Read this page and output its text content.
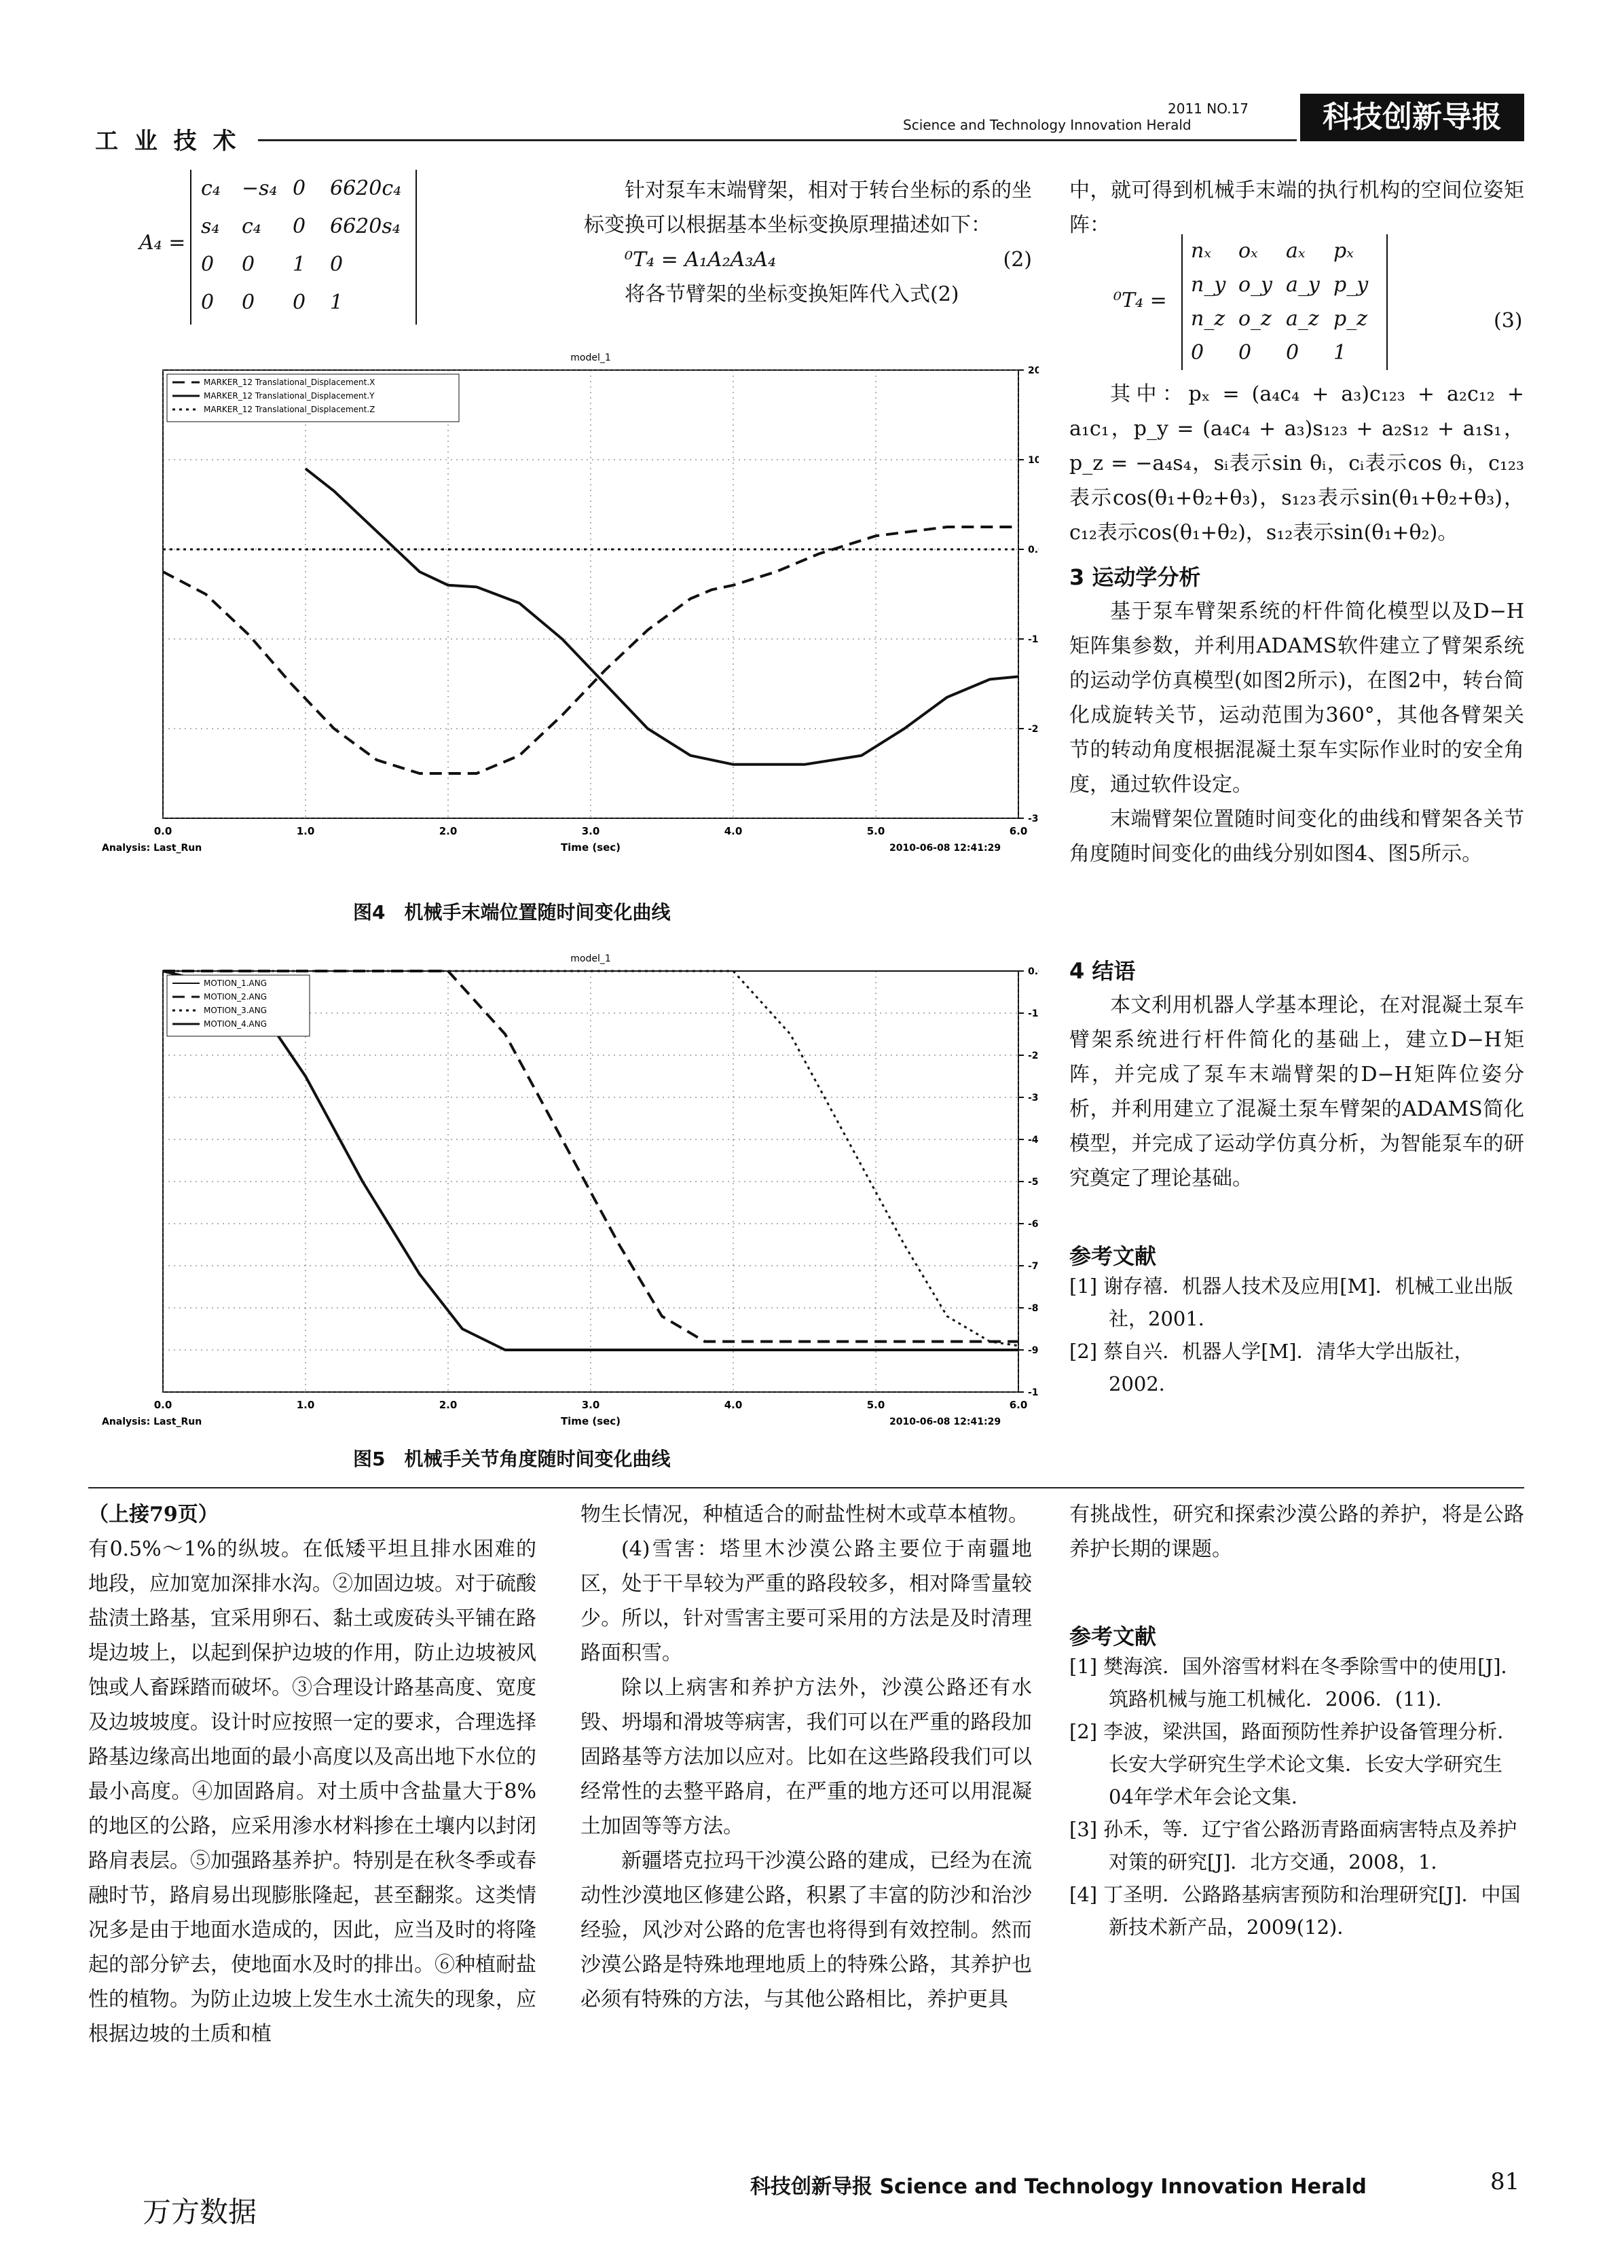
工 业 技 术
2011 NO.17
Science and Technology Innovation Herald	科技创新导报
A₄ =
c₄ −s₄ 0 6620c₄
s₄ c₄ 0 6620s₄
0 0 1 0
0 0 0 1

针对泵车末端臂架，相对于转台坐标的系的坐标变换可以根据基本坐标变换原理描述如下：

⁰T₄ = A₁A₂A₃A₄	(2)

将各节臂架的坐标变换矩阵代入式(2)

中，就可得到机械手末端的执行机构的空间位姿矩阵：

⁰T₄ =
nₓ oₓ aₓ pₓ
n_y o_y a_y p_y
n_z o_z a_z p_z
0 0 0 1
(3)

其中：pₓ = (a₄c₄ + a₃)c₁₂₃ + a₂c₁₂ + a₁c₁，p_y = (a₄c₄ + a₃)s₁₂₃ + a₂s₁₂ + a₁s₁，p_z = −a₄s₄，sᵢ表示sin θᵢ，cᵢ表示cos θᵢ，c₁₂₃表示cos(θ₁+θ₂+θ₃)，s₁₂₃表示sin(θ₁+θ₂+θ₃)，c₁₂表示cos(θ₁+θ₂)，s₁₂表示sin(θ₁+θ₂)。

3 运动学分析

基于泵车臂架系统的杆件简化模型以及D−H矩阵集参数，并利用ADAMS软件建立了臂架系统的运动学仿真模型(如图2所示)，在图2中，转台简化成旋转关节，运动范围为360°，其他各臂架关节的转动角度根据混凝土泵车实际作业时的安全角度，通过软件设定。

末端臂架位置随时间变化的曲线和臂架各关节角度随时间变化的曲线分别如图4、图5所示。

4 结语

本文利用机器人学基本理论，在对混凝土泵车臂架系统进行杆件简化的基础上，建立D−H矩阵，并完成了泵车末端臂架的D−H矩阵位姿分析，并利用建立了混凝土泵车臂架的ADAMS简化模型，并完成了运动学仿真分析，为智能泵车的研究奠定了理论基础。

参考文献

[1] 谢存禧．机器人技术及应用[M]．机械工业出版社，2001．

[2] 蔡自兴．机器人学[M]．清华大学出版社，2002．

model_1
0.0	1.0	2.0	3.0	4.0	5.0	6.0
20
10
0.
-1
-2
-3
Time (sec)
Analysis: Last_Run	2010-06-08 12:41:29
MARKER_12 Translational_Displacement.X
MARKER_12 Translational_Displacement.Y
MARKER_12 Translational_Displacement.Z
图4　机械手末端位置随时间变化曲线
model_1
0.0	1.0	2.0	3.0	4.0	5.0	6.0
0.
-1
-2
-3
-4
-5
-6
-7
-8
-9
-1
Time (sec)
Analysis: Last_Run	2010-06-08 12:41:29
MOTION_1.ANG
MOTION_2.ANG
MOTION_3.ANG
MOTION_4.ANG
图5　机械手关节角度随时间变化曲线

（上接79页）

有0.5%～1%的纵坡。在低矮平坦且排水困难的地段，应加宽加深排水沟。②加固边坡。对于硫酸盐渍土路基，宜采用卵石、黏土或废砖头平铺在路堤边坡上，以起到保护边坡的作用，防止边坡被风蚀或人畜踩踏而破坏。③合理设计路基高度、宽度及边坡坡度。设计时应按照一定的要求，合理选择路基边缘高出地面的最小高度以及高出地下水位的最小高度。④加固路肩。对土质中含盐量大于8%的地区的公路，应采用渗水材料掺在土壤内以封闭路肩表层。⑤加强路基养护。特别是在秋冬季或春融时节，路肩易出现膨胀隆起，甚至翻浆。这类情况多是由于地面水造成的，因此，应当及时的将隆起的部分铲去，使地面水及时的排出。⑥种植耐盐性的植物。为防止边坡上发生水土流失的现象，应根据边坡的土质和植

物生长情况，种植适合的耐盐性树木或草本植物。

(4)雪害：塔里木沙漠公路主要位于南疆地区，处于干旱较为严重的路段较多，相对降雪量较少。所以，针对雪害主要可采用的方法是及时清理路面积雪。

除以上病害和养护方法外，沙漠公路还有水毁、坍塌和滑坡等病害，我们可以在严重的路段加固路基等方法加以应对。比如在这些路段我们可以经常性的去整平路肩，在严重的地方还可以用混凝土加固等等方法。

新疆塔克拉玛干沙漠公路的建成，已经为在流动性沙漠地区修建公路，积累了丰富的防沙和治沙经验，风沙对公路的危害也将得到有效控制。然而沙漠公路是特殊地理地质上的特殊公路，其养护也必须有特殊的方法，与其他公路相比，养护更具

有挑战性，研究和探索沙漠公路的养护，将是公路养护长期的课题。

参考文献

[1] 樊海滨．国外溶雪材料在冬季除雪中的使用[J]．筑路机械与施工机械化．2006．(11)．

[2] 李波，梁洪国，路面预防性养护设备管理分析．长安大学研究生学术论文集．长安大学研究生04年学术年会论文集．

[3] 孙禾，等．辽宁省公路沥青路面病害特点及养护对策的研究[J]．北方交通，2008，1．

[4] 丁圣明．公路路基病害预防和治理研究[J]．中国新技术新产品，2009(12)．

万方数据
科技创新导报 Science and Technology Innovation Herald	81
